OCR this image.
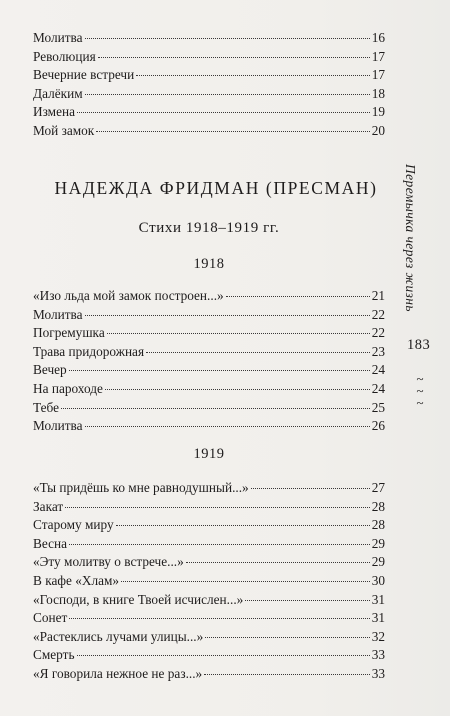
Молитва	16
Революция	17
Вечерние встречи	17
Далёким	18
Измена	19
Мой замок	20
НАДЕЖДА ФРИДМАН (ПРЕСМАН)
Стихи 1918–1919 гг.
1918
«Изо льда мой замок построен...»	21
Молитва	22
Погремушка	22
Трава придорожная	23
Вечер	24
На пароходе	24
Тебе	25
Молитва	26
1919
«Ты придёшь ко мне равнодушный...»	27
Закат	28
Старому миру	28
Весна	29
«Эту молитву о встрече...»	29
В кафе «Хлам»	30
«Господи, в книге Твоей исчислен...»	31
Сонет	31
«Растеклись лучами улицы...»	32
Смерть	33
«Я говорила нежное не раз...»	33
Перемычка через жизнь
183
~
~
~
